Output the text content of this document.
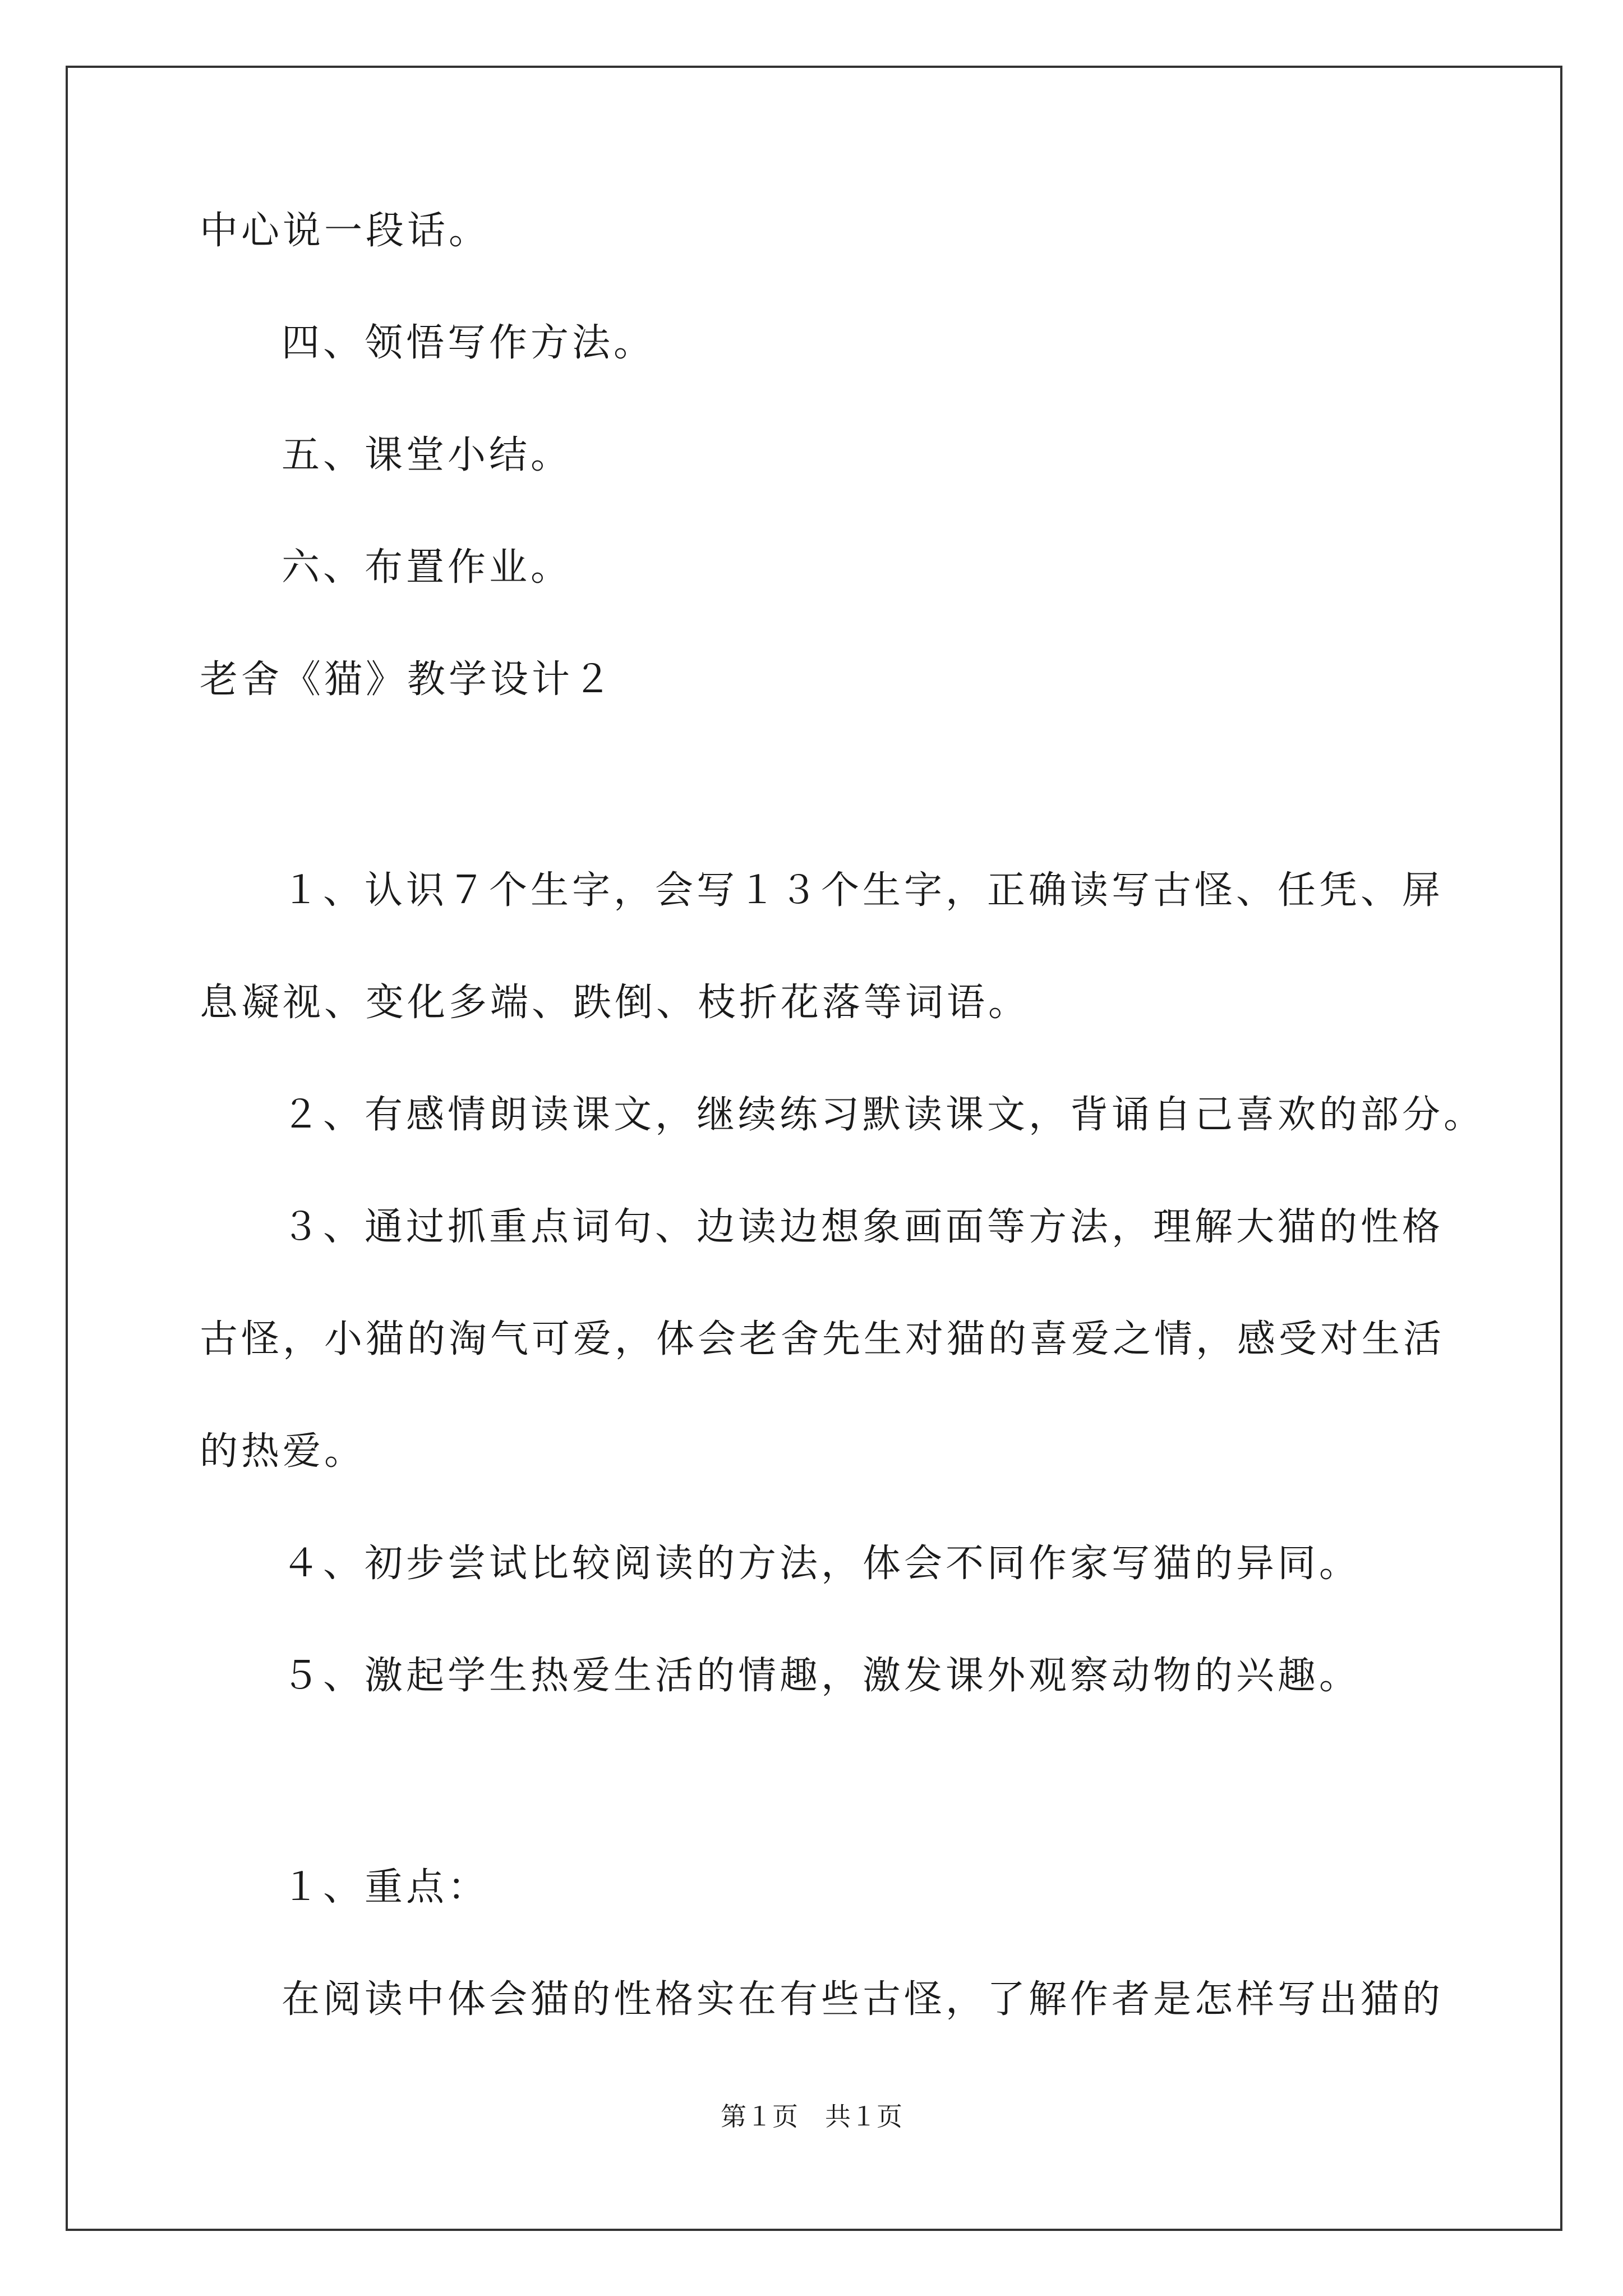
中心说一段话。
四、领悟写作方法。
五、课堂小结。
六、布置作业。
老舍《猫》教学设计２
１、认识７个生字，会写１３个生字，正确读写古怪、任凭、屏
息凝视、变化多端、跌倒、枝折花落等词语。
２、有感情朗读课文，继续练习默读课文，背诵自己喜欢的部分。
３、通过抓重点词句、边读边想象画面等方法，理解大猫的性格
古怪，小猫的淘气可爱，体会老舍先生对猫的喜爱之情，感受对生活
的热爱。
４、初步尝试比较阅读的方法，体会不同作家写猫的异同。
５、激起学生热爱生活的情趣，激发课外观察动物的兴趣。
１、重点：
在阅读中体会猫的性格实在有些古怪，了解作者是怎样写出猫的
第１页 共１页
